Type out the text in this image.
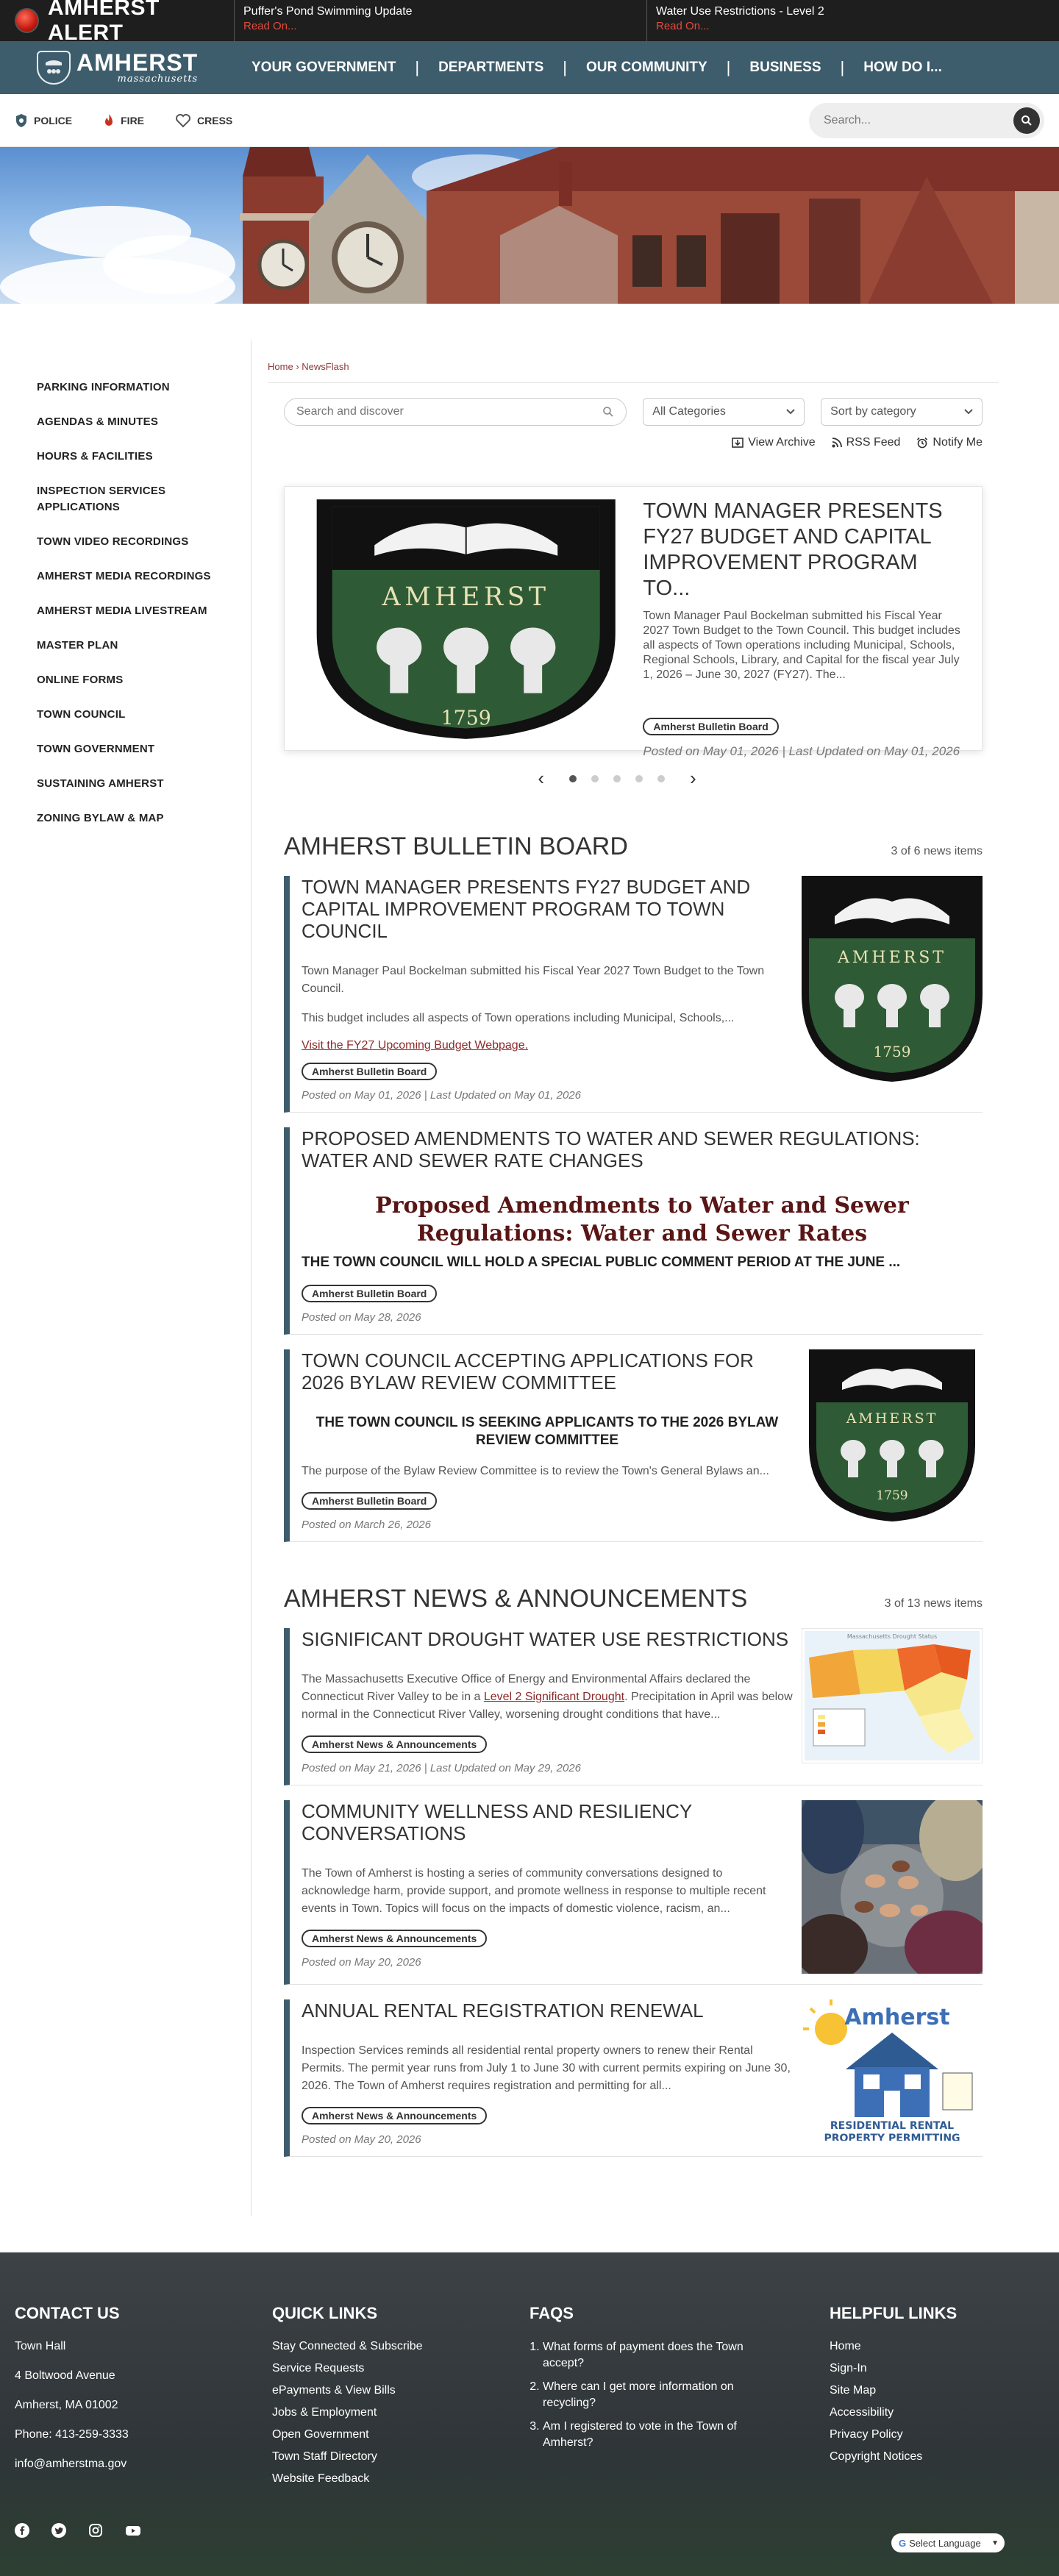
AMHERST ALERT
Puffer's Pond Swimming Update
Read On...
Water Use Restrictions - Level 2
Read On...
AMHERST
massachusetts
YOUR GOVERNMENT	|	DEPARTMENTS	|	OUR COMMUNITY	|	BUSINESS	|	HOW DO I...
POLICE	FIRE	CRESS
Search...
PARKING INFORMATION
AGENDAS & MINUTES
HOURS & FACILITIES
INSPECTION SERVICES APPLICATIONS
TOWN VIDEO RECORDINGS
AMHERST MEDIA RECORDINGS
AMHERST MEDIA LIVESTREAM
MASTER PLAN
ONLINE FORMS
TOWN COUNCIL
TOWN GOVERNMENT
SUSTAINING AMHERST
ZONING BYLAW & MAP
Home › NewsFlash
Search and discover
All Categories	Sort by category
View Archive	RSS Feed	Notify Me
AMHERST
1759
TOWN MANAGER PRESENTS FY27 BUDGET AND CAPITAL IMPROVEMENT PROGRAM TO...
Town Manager Paul Bockelman submitted his Fiscal Year 2027 Town Budget to the Town Council. This budget includes all aspects of Town operations including Municipal, Schools, Regional Schools, Library, and Capital for the fiscal year July 1, 2026 – June 30, 2027 (FY27). The...
Amherst Bulletin Board
Posted on May 01, 2026 | Last Updated on May 01, 2026
‹	›
AMHERST BULLETIN BOARD	3 of 6 news items
TOWN MANAGER PRESENTS FY27 BUDGET AND CAPITAL IMPROVEMENT PROGRAM TO TOWN COUNCIL
Town Manager Paul Bockelman submitted his Fiscal Year 2027 Town Budget to the Town Council.
This budget includes all aspects of Town operations including Municipal, Schools,...
Visit the FY27 Upcoming Budget Webpage.
Amherst Bulletin Board
Posted on May 01, 2026 | Last Updated on May 01, 2026
AMHERST
1759
PROPOSED AMENDMENTS TO WATER AND SEWER REGULATIONS: WATER AND SEWER RATE CHANGES
Proposed Amendments to Water and Sewer Regulations: Water and Sewer Rates
THE TOWN COUNCIL WILL HOLD A SPECIAL PUBLIC COMMENT PERIOD AT THE JUNE ...
Amherst Bulletin Board
Posted on May 28, 2026
TOWN COUNCIL ACCEPTING APPLICATIONS FOR 2026 BYLAW REVIEW COMMITTEE
THE TOWN COUNCIL IS SEEKING APPLICANTS TO THE 2026 BYLAW REVIEW COMMITTEE
The purpose of the Bylaw Review Committee is to review the Town's General Bylaws an...
Amherst Bulletin Board
Posted on March 26, 2026
AMHERST
1759
AMHERST NEWS & ANNOUNCEMENTS	3 of 13 news items
SIGNIFICANT DROUGHT WATER USE RESTRICTIONS
The Massachusetts Executive Office of Energy and Environmental Affairs declared the Connecticut River Valley to be in a Level 2 Significant Drought. Precipitation in April was below normal in the Connecticut River Valley, worsening drought conditions that have...
Amherst News & Announcements
Posted on May 21, 2026 | Last Updated on May 29, 2026
Massachusetts Drought Status
COMMUNITY WELLNESS AND RESILIENCY CONVERSATIONS
The Town of Amherst is hosting a series of community conversations designed to acknowledge harm, provide support, and promote wellness in response to multiple recent events in Town. Topics will focus on the impacts of domestic violence, racism, an...
Amherst News & Announcements
Posted on May 20, 2026
ANNUAL RENTAL REGISTRATION RENEWAL
Inspection Services reminds all residential rental property owners to renew their Rental Permits. The permit year runs from July 1 to June 30 with current permits expiring on June 30, 2026. The Town of Amherst requires registration and permitting for all...
Amherst News & Announcements
Posted on May 20, 2026
Amherst
RESIDENTIAL RENTAL
PROPERTY PERMITTING
CONTACT US
Town Hall
4 Boltwood Avenue
Amherst, MA 01002
Phone: 413-259-3333
info@amherstma.gov
QUICK LINKS
Stay Connected & Subscribe
Service Requests
ePayments & View Bills
Jobs & Employment
Open Government
Town Staff Directory
Website Feedback
FAQS
1. What forms of payment does the Town accept?
2. Where can I get more information on recycling?
3. Am I registered to vote in the Town of Amherst?
HELPFUL LINKS
Home
Sign-In
Site Map
Accessibility
Privacy Policy
Copyright Notices
G Select Language ▼
